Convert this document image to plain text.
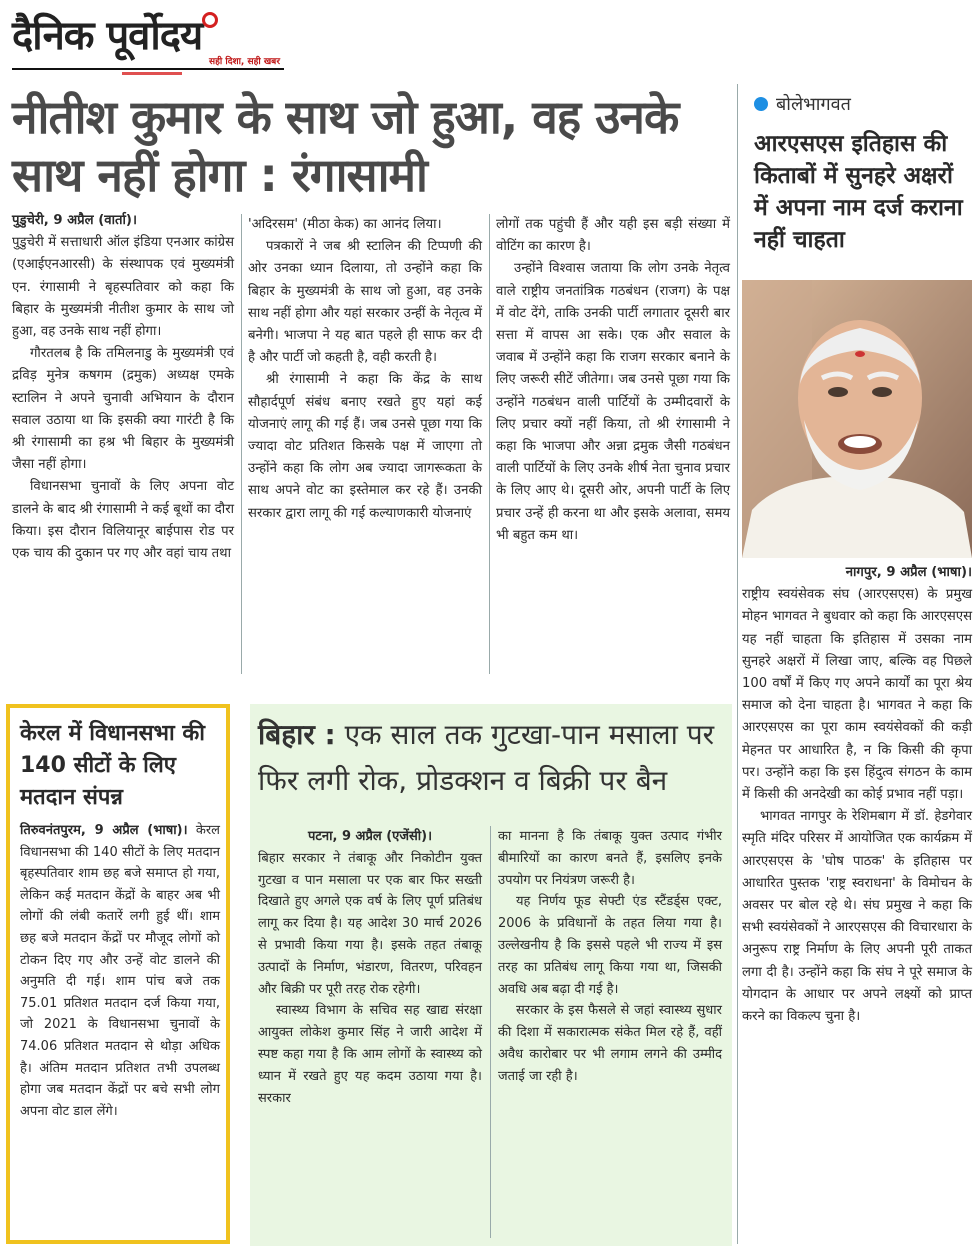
दैनिक पूर्वोदय
सही दिशा, सही खबर
नीतीश कुमार के साथ जो हुआ, वह उनके साथ नहीं होगा : रंगासामी

पुडुचेरी, 9 अप्रैल (वार्ता)।

पुडुचेरी में सत्ताधारी ऑल इंडिया एनआर कांग्रेस (एआईएनआरसी) के संस्थापक एवं मुख्यमंत्री एन. रंगासामी ने बृहस्पतिवार को कहा कि बिहार के मुख्यमंत्री नीतीश कुमार के साथ जो हुआ, वह उनके साथ नहीं होगा।

गौरतलब है कि तमिलनाडु के मुख्यमंत्री एवं द्रविड़ मुनेत्र कषगम (द्रमुक) अध्यक्ष एमके स्टालिन ने अपने चुनावी अभियान के दौरान सवाल उठाया था कि इसकी क्या गारंटी है कि श्री रंगासामी का हश्र भी बिहार के मुख्यमंत्री जैसा नहीं होगा।

विधानसभा चुनावों के लिए अपना वोट डालने के बाद श्री रंगासामी ने कई बूथों का दौरा किया। इस दौरान विलियानूर बाईपास रोड पर एक चाय की दुकान पर गए और वहां चाय तथा

'अदिरसम' (मीठा केक) का आनंद लिया।

पत्रकारों ने जब श्री स्टालिन की टिप्पणी की ओर उनका ध्यान दिलाया, तो उन्होंने कहा कि बिहार के मुख्यमंत्री के साथ जो हुआ, वह उनके साथ नहीं होगा और यहां सरकार उन्हीं के नेतृत्व में बनेगी। भाजपा ने यह बात पहले ही साफ कर दी है और पार्टी जो कहती है, वही करती है।

श्री रंगासामी ने कहा कि केंद्र के साथ सौहार्दपूर्ण संबंध बनाए रखते हुए यहां कई योजनाएं लागू की गई हैं। जब उनसे पूछा गया कि ज्यादा वोट प्रतिशत किसके पक्ष में जाएगा तो उन्होंने कहा कि लोग अब ज्यादा जागरूकता के साथ अपने वोट का इस्तेमाल कर रहे हैं। उनकी सरकार द्वारा लागू की गई कल्याणकारी योजनाएं

लोगों तक पहुंची हैं और यही इस बड़ी संख्या में वोटिंग का कारण है।

उन्होंने विश्वास जताया कि लोग उनके नेतृत्व वाले राष्ट्रीय जनतांत्रिक गठबंधन (राजग) के पक्ष में वोट देंगे, ताकि उनकी पार्टी लगातार दूसरी बार सत्ता में वापस आ सके। एक और सवाल के जवाब में उन्होंने कहा कि राजग सरकार बनाने के लिए जरूरी सीटें जीतेगा। जब उनसे पूछा गया कि उन्होंने गठबंधन वाली पार्टियों के उम्मीदवारों के लिए प्रचार क्यों नहीं किया, तो श्री रंगासामी ने कहा कि भाजपा और अन्ना द्रमुक जैसी गठबंधन वाली पार्टियों के लिए उनके शीर्ष नेता चुनाव प्रचार के लिए आए थे। दूसरी ओर, अपनी पार्टी के लिए प्रचार उन्हें ही करना था और इसके अलावा, समय भी बहुत कम था।

बोलेभागवत
आरएसएस इतिहास की किताबों में सुनहरे अक्षरों में अपना नाम दर्ज कराना नहीं चाहता

नागपुर, 9 अप्रैल (भाषा)।

राष्ट्रीय स्वयंसेवक संघ (आरएसएस) के प्रमुख मोहन भागवत ने बुधवार को कहा कि आरएसएस यह नहीं चाहता कि इतिहास में उसका नाम सुनहरे अक्षरों में लिखा जाए, बल्कि वह पिछले 100 वर्षों में किए गए अपने कार्यों का पूरा श्रेय समाज को देना चाहता है। भागवत ने कहा कि आरएसएस का पूरा काम स्वयंसेवकों की कड़ी मेहनत पर आधारित है, न कि किसी की कृपा पर। उन्होंने कहा कि इस हिंदुत्व संगठन के काम में किसी की अनदेखी का कोई प्रभाव नहीं पड़ा।

भागवत नागपुर के रेशिमबाग में डॉ. हेडगेवार स्मृति मंदिर परिसर में आयोजित एक कार्यक्रम में आरएसएस के 'घोष पाठक' के इतिहास पर आधारित पुस्तक 'राष्ट्र स्वराधना' के विमोचन के अवसर पर बोल रहे थे। संघ प्रमुख ने कहा कि सभी स्वयंसेवकों ने आरएसएस की विचारधारा के अनुरूप राष्ट्र निर्माण के लिए अपनी पूरी ताकत लगा दी है। उन्होंने कहा कि संघ ने पूरे समाज के योगदान के आधार पर अपने लक्ष्यों को प्राप्त करने का विकल्प चुना है।

केरल में विधानसभा की 140 सीटों के लिए मतदान संपन्न

तिरुवनंतपुरम, 9 अप्रैल (भाषा)। केरल विधानसभा की 140 सीटों के लिए मतदान बृहस्पतिवार शाम छह बजे समाप्त हो गया, लेकिन कई मतदान केंद्रों के बाहर अब भी लोगों की लंबी कतारें लगी हुई थीं। शाम छह बजे मतदान केंद्रों पर मौजूद लोगों को टोकन दिए गए और उन्हें वोट डालने की अनुमति दी गई। शाम पांच बजे तक 75.01 प्रतिशत मतदान दर्ज किया गया, जो 2021 के विधानसभा चुनावों के 74.06 प्रतिशत मतदान से थोड़ा अधिक है। अंतिम मतदान प्रतिशत तभी उपलब्ध होगा जब मतदान केंद्रों पर बचे सभी लोग अपना वोट डाल लेंगे।

बिहार : एक साल तक गुटखा-पान मसाला पर फिर लगी रोक, प्रोडक्शन व बिक्री पर बैन

पटना, 9 अप्रैल (एजेंसी)।

बिहार सरकार ने तंबाकू और निकोटीन युक्त गुटखा व पान मसाला पर एक बार फिर सख्ती दिखाते हुए अगले एक वर्ष के लिए पूर्ण प्रतिबंध लागू कर दिया है। यह आदेश 30 मार्च 2026 से प्रभावी किया गया है। इसके तहत तंबाकू उत्पादों के निर्माण, भंडारण, वितरण, परिवहन और बिक्री पर पूरी तरह रोक रहेगी।

स्वास्थ्य विभाग के सचिव सह खाद्य संरक्षा आयुक्त लोकेश कुमार सिंह ने जारी आदेश में स्पष्ट कहा गया है कि आम लोगों के स्वास्थ्य को ध्यान में रखते हुए यह कदम उठाया गया है। सरकार

का मानना है कि तंबाकू युक्त उत्पाद गंभीर बीमारियों का कारण बनते हैं, इसलिए इनके उपयोग पर नियंत्रण जरूरी है।

यह निर्णय फूड सेफ्टी एंड स्टैंडर्ड्स एक्ट, 2006 के प्रविधानों के तहत लिया गया है। उल्लेखनीय है कि इससे पहले भी राज्य में इस तरह का प्रतिबंध लागू किया गया था, जिसकी अवधि अब बढ़ा दी गई है।

सरकार के इस फैसले से जहां स्वास्थ्य सुधार की दिशा में सकारात्मक संकेत मिल रहे हैं, वहीं अवैध कारोबार पर भी लगाम लगने की उम्मीद जताई जा रही है।
